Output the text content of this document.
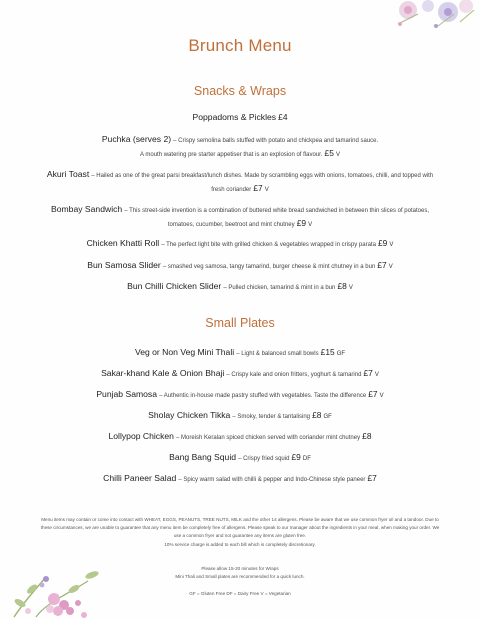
Brunch Menu
Snacks & Wraps
Poppadoms & Pickles £4
Puchka (serves 2) – Crispy semolina balls stuffed with potato and chickpea and tamarind sauce.
A mouth watering pre starter appetiser that is an explosion of flavour. £5 V
Akuri Toast – Hailed as one of the great parsi breakfast/lunch dishes. Made by scrambling eggs with onions, tomatoes, chilli, and topped with
fresh coriander £7 V
Bombay Sandwich – This street-side invention is a combination of buttered white bread sandwiched in between thin slices of potatoes,
tomatoes, cucumber, beetroot and mint chutney £9 V
Chicken Khatti Roll – The perfect light bite with grilled chicken & vegetables wrapped in crispy parata £9 V
Bun Samosa Slider – smashed veg samosa, tangy tamarind, burger cheese & mint chutney in a bun £7 V
Bun Chilli Chicken Slider – Pulled chicken, tamarind & mint in a bun £8 V
Small Plates
Veg or Non Veg Mini Thali – Light & balanced small bowls £15 GF
Sakar-khand Kale & Onion Bhaji – Crispy kale and onion fritters, yoghurt & tamarind £7 V
Punjab Samosa – Authentic in-house made pastry stuffed with vegetables. Taste the difference £7 V
Sholay Chicken Tikka – Smoky, tender & tantalising £8 GF
Lollypop Chicken – Moreish Keralan spiced chicken served with coriander mint chutney £8
Bang Bang Squid – Crispy fried squid £9 DF
Chilli Paneer Salad – Spicy warm salad with chilli & pepper and Indo-Chinese style paneer £7
Menu items may contain or come into contact with WHEAT, EGGS, PEANUTS, TREE NUTS, MILK and the other 14 allergens. Please be aware that we use common fryer oil and a tandoor. Due to these circumstances, we are unable to guarantee that any menu item be completely free of allergens. Please speak to our manager about the ingredients in your meal, when making your order. We use a common fryer and not guarantee any items are gluten free.
10% service charge is added to each bill which is completely discretionary.
Please allow 15-20 minutes for Wraps
Mini Thali and Small plates are recommended for a quick lunch.
GF = Gluten Free DF = Dairy Free V = Vegetarian
